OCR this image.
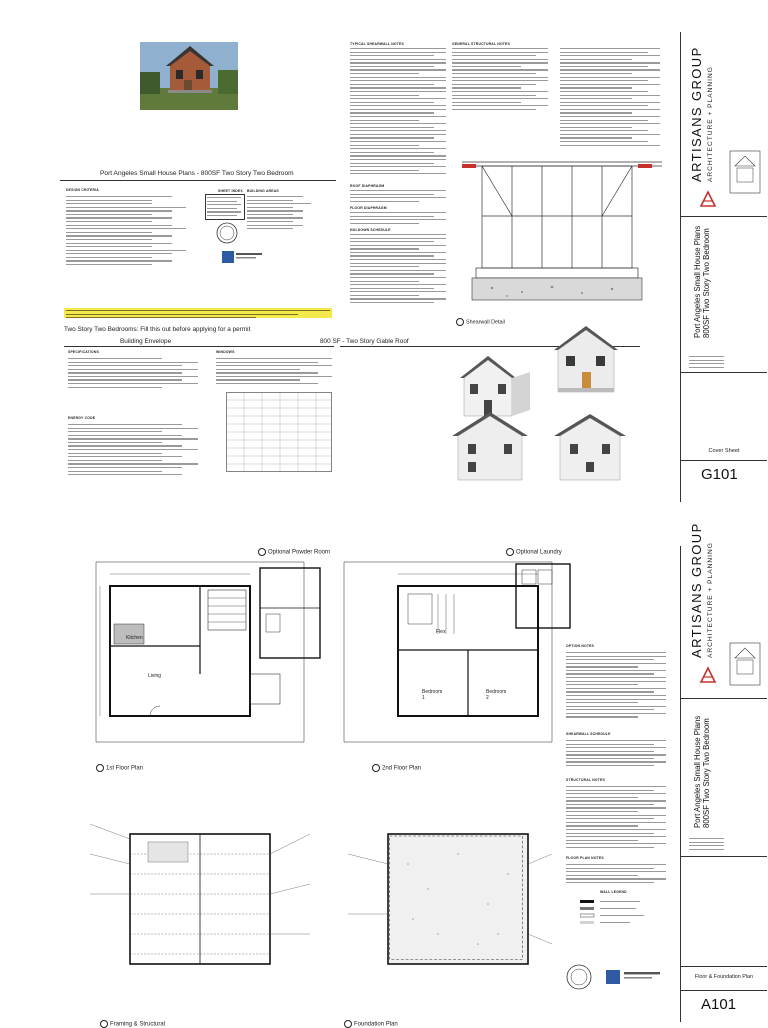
Port Angeles Small House Plans - 800SF Two Story Two Bedroom
DESIGN CRITERIA	SHEET INDEX BUILDING AREAS
Two Story Two Bedrooms: Fill this out before applying for a permit
Building Envelope	800 SF - Two Story Gable Roof
SPECIFICATIONS
ENERGY CODE
WINDOWS
TYPICAL SHEARWALL NOTES
ROOF DIAPHRAGM
FLOOR DIAPHRAGM
HOLDOWN SCHEDULE
GENERAL STRUCTURAL NOTES
Shearwall Detail
ARTISANS GROUP ARCHITECTURE + PLANNING

Port Angeles Small House Plans 800SF Two Story Two Bedroom

Cover Sheet
G101
Kitchen
Living
1st Floor Plan
Optional Powder Room
Flex
Bedroom 1
Bedroom 2
2nd Floor Plan
Optional Laundry
Framing & Structural	Foundation Plan
OPTION NOTES
SHEARWALL SCHEDULE
STRUCTURAL NOTES
FLOOR PLAN NOTES
WALL LEGEND
ARTISANS GROUP ARCHITECTURE + PLANNING
Port Angeles Small House Plans 800SF Two Story Two Bedroom
Floor & Foundation Plan
A101
